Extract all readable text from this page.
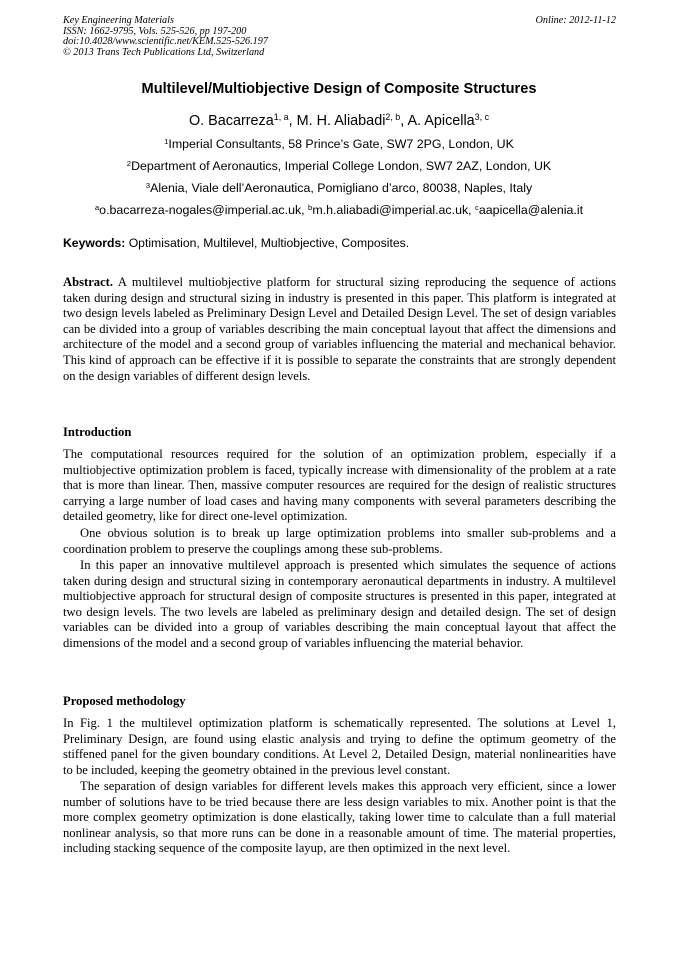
Key Engineering Materials
ISSN: 1662-9795, Vols. 525-526, pp 197-200
doi:10.4028/www.scientific.net/KEM.525-526.197
© 2013 Trans Tech Publications Ltd, Switzerland
Online: 2012-11-12
Multilevel/Multiobjective Design of Composite Structures
O. Bacarreza$^{1, a}$, M. H. Aliabadi$^{2, b}$, A. Apicella$^{3, c}$
$^1$Imperial Consultants, 58 Prince’s Gate, SW7 2PG, London, UK
$^2$Department of Aeronautics, Imperial College London, SW7 2AZ, London, UK
$^3$Alenia, Viale dell’Aeronautica, Pomigliano d’arco, 80038, Naples, Italy
$^a$o.bacarreza-nogales@imperial.ac.uk, $^b$m.h.aliabadi@imperial.ac.uk, $^c$aapicella@alenia.it
Keywords: Optimisation, Multilevel, Multiobjective, Composites.

Abstract. A multilevel multiobjective platform for structural sizing reproducing the sequence of actions taken during design and structural sizing in industry is presented in this paper. This platform is integrated at two design levels labeled as Preliminary Design Level and Detailed Design Level. The set of design variables can be divided into a group of variables describing the main conceptual layout that affect the dimensions and architecture of the model and a second group of variables influencing the material and mechanical behavior. This kind of approach can be effective if it is possible to separate the constraints that are strongly dependent on the design variables of different design levels.

Introduction

The computational resources required for the solution of an optimization problem, especially if a multiobjective optimization problem is faced, typically increase with dimensionality of the problem at a rate that is more than linear. Then, massive computer resources are required for the design of realistic structures carrying a large number of load cases and having many components with several parameters describing the detailed geometry, like for direct one-level optimization.

One obvious solution is to break up large optimization problems into smaller sub-problems and a coordination problem to preserve the couplings among these sub-problems.

In this paper an innovative multilevel approach is presented which simulates the sequence of actions taken during design and structural sizing in contemporary aeronautical departments in industry. A multilevel multiobjective approach for structural design of composite structures is presented in this paper, integrated at two design levels. The two levels are labeled as preliminary design and detailed design. The set of design variables can be divided into a group of variables describing the main conceptual layout that affect the dimensions of the model and a second group of variables influencing the material behavior.

Proposed methodology

In Fig. 1 the multilevel optimization platform is schematically represented. The solutions at Level 1, Preliminary Design, are found using elastic analysis and trying to define the optimum geometry of the stiffened panel for the given boundary conditions. At Level 2, Detailed Design, material nonlinearities have to be included, keeping the geometry obtained in the previous level constant.

The separation of design variables for different levels makes this approach very efficient, since a lower number of solutions have to be tried because there are less design variables to mix. Another point is that the more complex geometry optimization is done elastically, taking lower time to calculate than a full material nonlinear analysis, so that more runs can be done in a reasonable amount of time. The material properties, including stacking sequence of the composite layup, are then optimized in the next level.
